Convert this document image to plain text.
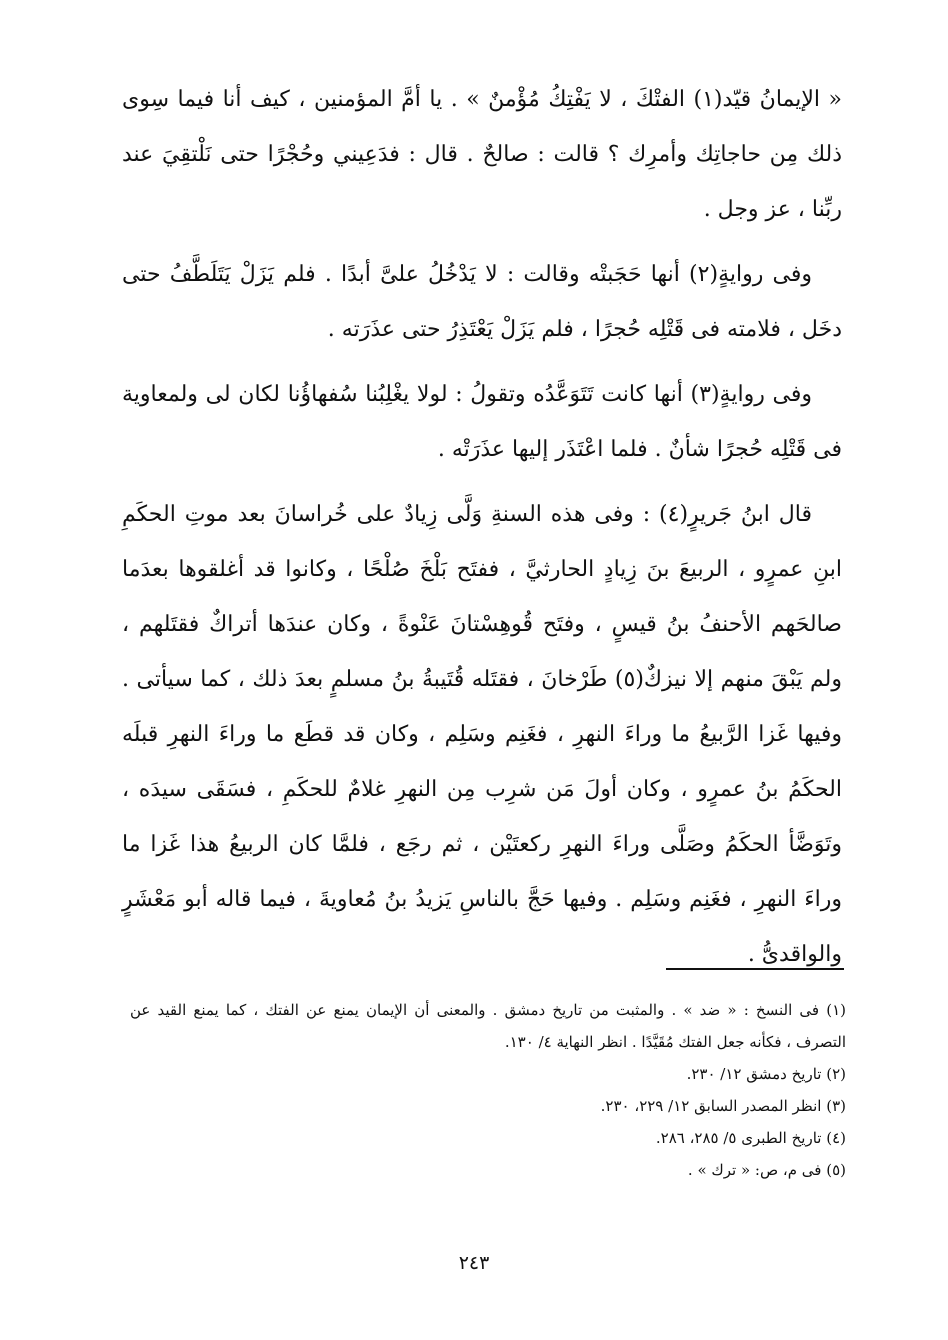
« الإيمانُ قيّد(١) الفتْكَ ، لا يَفْتِكُ مُؤْمنٌ » . يا أمَّ المؤمنين ، كيف أنا فيما سِوى ذلك مِن حاجاتِك وأمرِك ؟ قالت : صالحٌ . قال : فدَعِيني وحُجْرًا حتى نَلْتقِيَ عند ربِّنا ، عز وجل .

وفى روايةٍ(٢) أنها حَجَبتْه وقالت : لا يَدْخُلُ علىَّ أبدًا . فلم يَزَلْ يَتَلَطَّفُ حتى دخَل ، فلامته فى قَتْلِه حُجرًا ، فلم يَزَلْ يَعْتَذِرُ حتى عذَرَته .

وفى روايةٍ(٣) أنها كانت تَتَوَعَّدُه وتقولُ : لولا يغْلِبُنا سُفهاؤُنا لكان لى ولمعاوية فى قَتْلِه حُجرًا شأنٌ . فلما اعْتَذَر إليها عذَرَتْه .

قال ابنُ جَريرٍ(٤) : وفى هذه السنةِ وَلَّى زِيادٌ على خُراسانَ بعد موتِ الحكَمِ ابنِ عمرٍو ، الربيعَ بنَ زِيادٍ الحارثيَّ ، ففتَح بَلْخَ صُلْحًا ، وكانوا قد أغلقوها بعدَما صالحَهم الأحنفُ بنُ قيسٍ ، وفتَح قُوهِسْتانَ عَنْوةً ، وكان عندَها أتراكٌ فقتَلهم ، ولم يَبْقَ منهم إلا نيزكٌ(٥) طَرْخانَ ، فقتَله قُتَيبةُ بنُ مسلمٍ بعدَ ذلك ، كما سيأتى . وفيها غَزا الرَّبيعُ ما وراءَ النهرِ ، فغَنِم وسَلِم ، وكان قد قطَع ما وراءَ النهرِ قبلَه الحكَمُ بنُ عمرٍو ، وكان أولَ مَن شرِب مِن النهرِ غلامٌ للحكَمِ ، فسَقَى سيدَه ، وتَوَضَّأ الحكَمُ وصَلَّى وراءَ النهرِ ركعتَيْن ، ثم رجَع ، فلمَّا كان الربيعُ هذا غَزا ما وراءَ النهرِ ، فغَنِم وسَلِم . وفيها حَجَّ بالناسِ يَزيدُ بنُ مُعاويةَ ، فيما قاله أبو مَعْشَرٍ والواقدىُّ .

(١) فى النسخ : « ضد » . والمثبت من تاريخ دمشق . والمعنى أن الإيمان يمنع عن الفتك ، كما يمنع القيد عن التصرف ، فكأنه جعل الفتك مُقَيَّدًا . انظر النهاية ٤/ ١٣٠.

(٢) تاريخ دمشق ١٢/ ٢٣٠.

(٣) انظر المصدر السابق ١٢/ ٢٢٩، ٢٣٠.

(٤) تاريخ الطبرى ٥/ ٢٨٥، ٢٨٦.

(٥) فى م، ص: « ترك » .

٢٤٣
